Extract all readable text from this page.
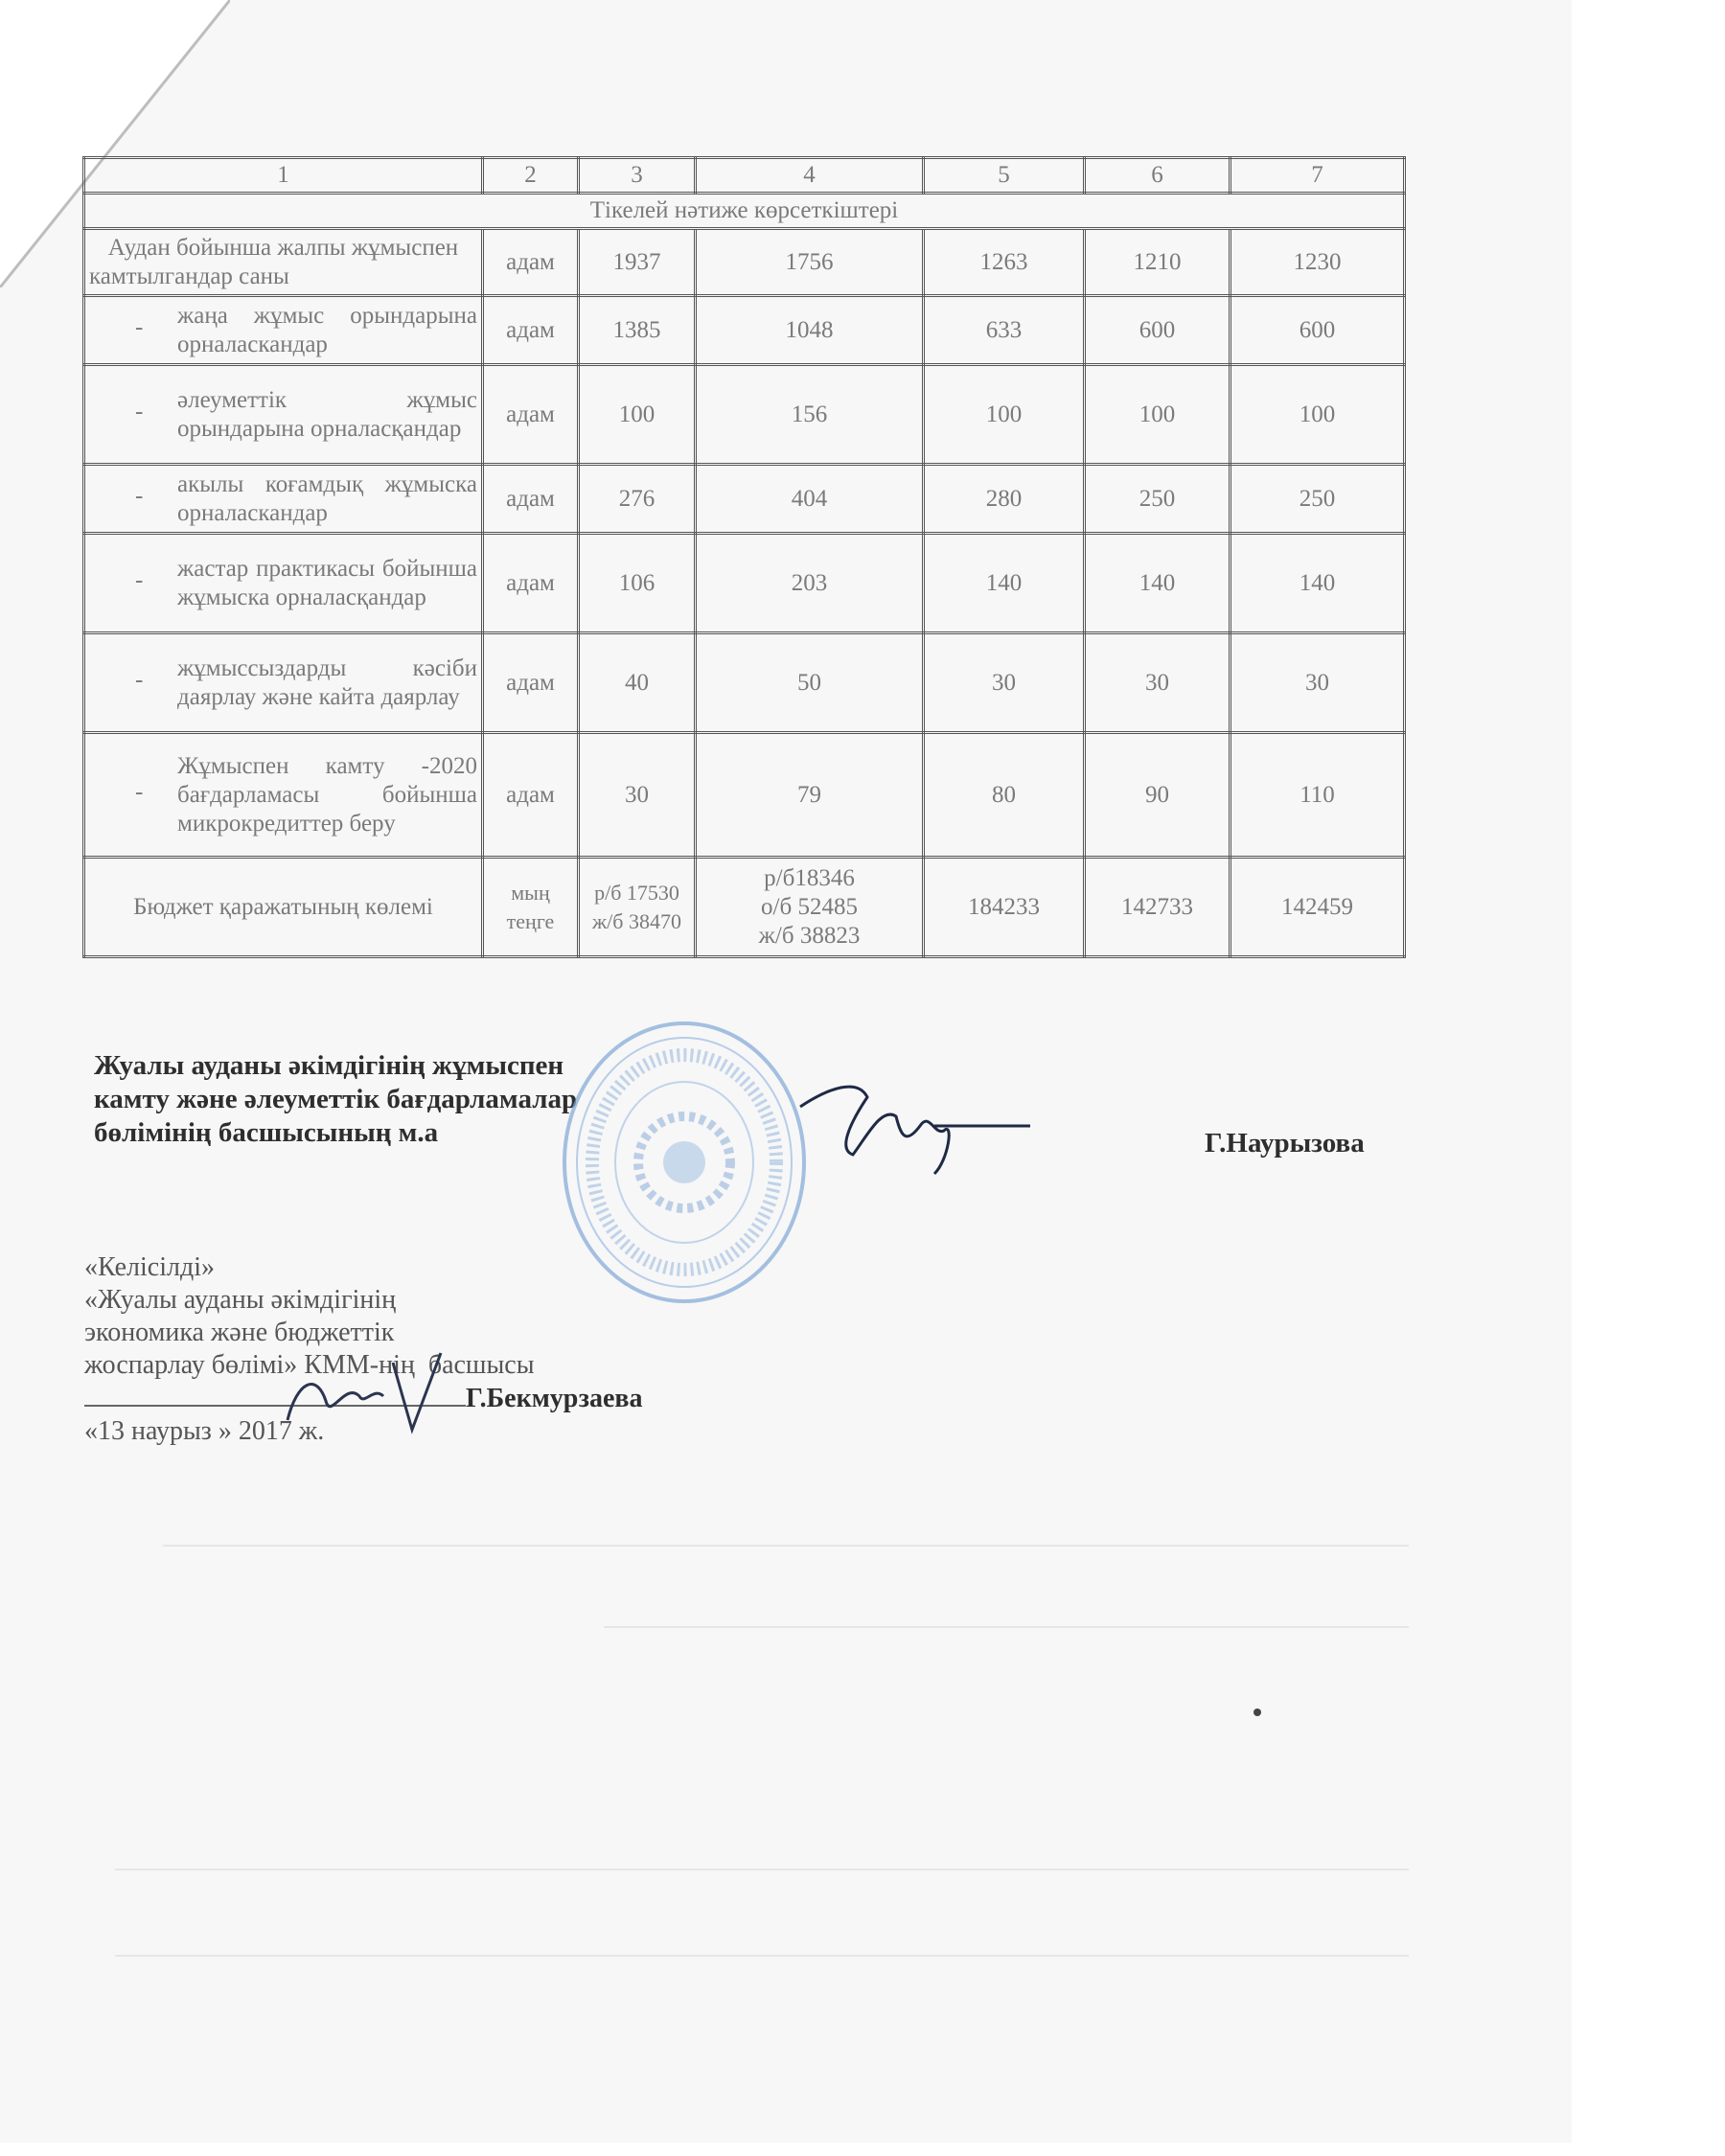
1	2	3	4	5	6	7
Тікелей нәтиже көрсеткіштері						
Аудан бойынша жалпы жұмыспен камтылгандар саны	адам	1937	1756	1263	1210	1230

- жаңа жұмыс орындарына орналаскандар	адам	1385	1048	633	600	600

- әлеуметтік жұмыс орындарына орналасқандар	адам	100	156	100	100	100

- акылы коғамдық жұмыска орналаскандар	адам	276	404	280	250	250

- жастар практикасы бойынша жұмыска орналасқандар	адам	106	203	140	140	140

- жұмыссыздарды кәсіби даярлау және кайта даярлау	адам	40	50	30	30	30

-
Жұмыспен камту -2020 бағдарламасы бойынша микрокредиттер беру	адам	30	79	80	90	110
Бюджет қаражатының көлемі	мың теңге	р/б 17530 ж/б 38470	р/б18346
о/б 52485
ж/б 38823	184233	142733	142459
Жуалы ауданы әкімдігінің жұмыспен
камту және әлеуметтік бағдарламалар
бөлімінің басшысының м.а	Г.Наурызова
«Келісілді»
«Жуалы ауданы әкімдігінің
экономика және бюджеттік
жоспарлау бөлімі» КММ-нің  басшысы
Г.Бекмурзаева
«13 наурыз » 2017 ж.
